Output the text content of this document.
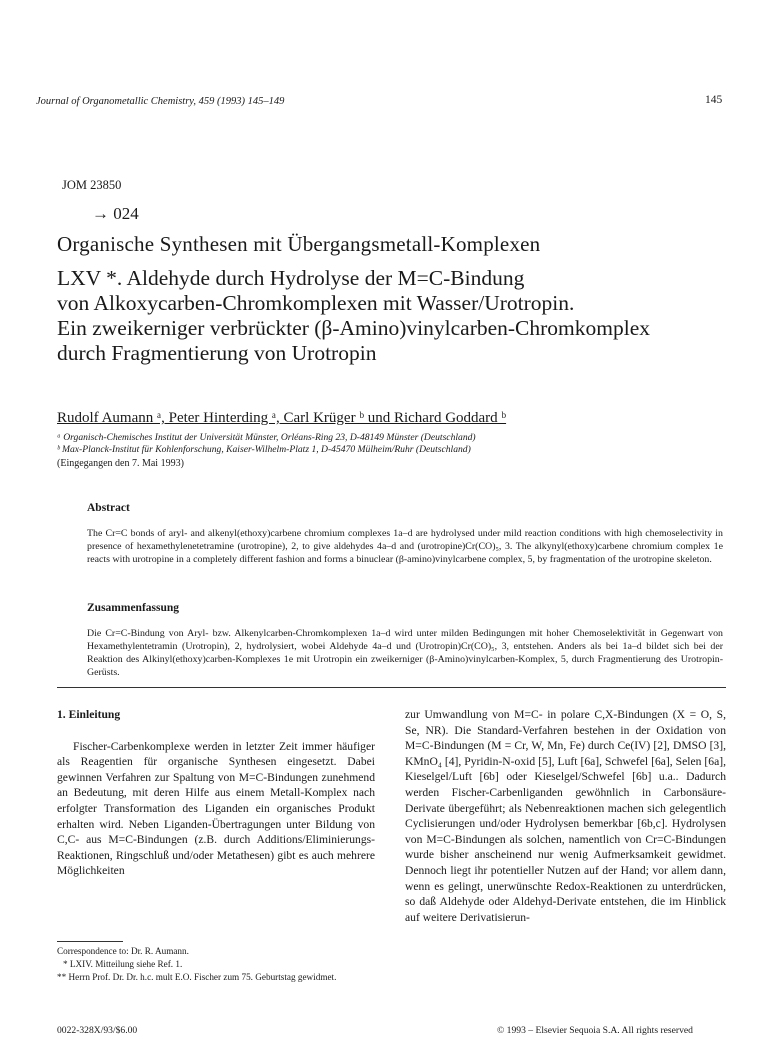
Journal of Organometallic Chemistry, 459 (1993) 145–149	145
JOM 23850
→ 024
Organische Synthesen mit Übergangsmetall-Komplexen
LXV *. Aldehyde durch Hydrolyse der M=C-Bindung
von Alkoxycarben-Chromkomplexen mit Wasser/Urotropin.
Ein zweikerniger verbrückter (β-Amino)vinylcarben-Chromkomplex
durch Fragmentierung von Urotropin
Rudolf Aumann ᵃ, Peter Hinterding ᵃ, Carl Krüger ᵇ und Richard Goddard ᵇ
ᵃ Organisch-Chemisches Institut der Universität Münster, Orléans-Ring 23, D-48149 Münster (Deutschland)
ᵇ Max-Planck-Institut für Kohlenforschung, Kaiser-Wilhelm-Platz 1, D-45470 Mülheim/Ruhr (Deutschland)
(Eingegangen den 7. Mai 1993)
Abstract
The Cr=C bonds of aryl- and alkenyl(ethoxy)carbene chromium complexes 1a–d are hydrolysed under mild reaction conditions with high chemoselectivity in presence of hexamethylenetetramine (urotropine), 2, to give aldehydes 4a–d and (urotropine)Cr(CO)₅, 3. The alkynyl(ethoxy)carbene chromium complex 1e reacts with urotropine in a completely different fashion and forms a binuclear (β-amino)vinylcarbene complex, 5, by fragmentation of the urotropine skeleton.
Zusammenfassung
Die Cr=C-Bindung von Aryl- bzw. Alkenylcarben-Chromkomplexen 1a–d wird unter milden Bedingungen mit hoher Chemoselektivität in Gegenwart von Hexamethylentetramin (Urotropin), 2, hydrolysiert, wobei Aldehyde 4a–d und (Urotropin)Cr(CO)₅, 3, entstehen. Anders als bei 1a–d bildet sich bei der Reaktion des Alkinyl(ethoxy)carben-Komplexes 1e mit Urotropin ein zweikerniger (β-Amino)vinylcarben-Komplex, 5, durch Fragmentierung des Urotropin-Gerüsts.

1. Einleitung

Fischer-Carbenkomplexe werden in letzter Zeit immer häufiger als Reagentien für organische Synthesen eingesetzt. Dabei gewinnen Verfahren zur Spaltung von M=C-Bindungen zunehmend an Bedeutung, mit deren Hilfe aus einem Metall-Komplex nach erfolgter Transformation des Liganden ein organisches Produkt erhalten wird. Neben Liganden-Übertragungen unter Bildung von C,C- aus M=C-Bindungen (z.B. durch Additions/Eliminierungs-Reaktionen, Ringschluß und/oder Metathesen) gibt es auch mehrere Möglichkeiten

zur Umwandlung von M=C- in polare C,X-Bindungen (X = O, S, Se, NR). Die Standard-Verfahren bestehen in der Oxidation von M=C-Bindungen (M = Cr, W, Mn, Fe) durch Ce(IV) [2], DMSO [3], KMnO₄ [4], Pyridin-N-oxid [5], Luft [6a], Schwefel [6a], Selen [6a], Kieselgel/Luft [6b] oder Kieselgel/Schwefel [6b] u.a.. Dadurch werden Fischer-Carbenliganden gewöhnlich in Carbonsäure-Derivate übergeführt; als Nebenreaktionen machen sich gelegentlich Cyclisierungen und/oder Hydrolysen bemerkbar [6b,c]. Hydrolysen von M=C-Bindungen als solchen, namentlich von Cr=C-Bindungen wurde bisher anscheinend nur wenig Aufmerksamkeit gewidmet. Dennoch liegt ihr potentieller Nutzen auf der Hand; vor allem dann, wenn es gelingt, unerwünschte Redox-Reaktionen zu unterdrücken, so daß Aldehyde oder Aldehyd-Derivate entstehen, die im Hinblick auf weitere Derivatisierun-

Correspondence to: Dr. R. Aumann.
* LXIV. Mitteilung siehe Ref. 1.
** Herrn Prof. Dr. Dr. h.c. mult E.O. Fischer zum 75. Geburtstag gewidmet.
0022-328X/93/$6.00	© 1993 – Elsevier Sequoia S.A. All rights reserved
